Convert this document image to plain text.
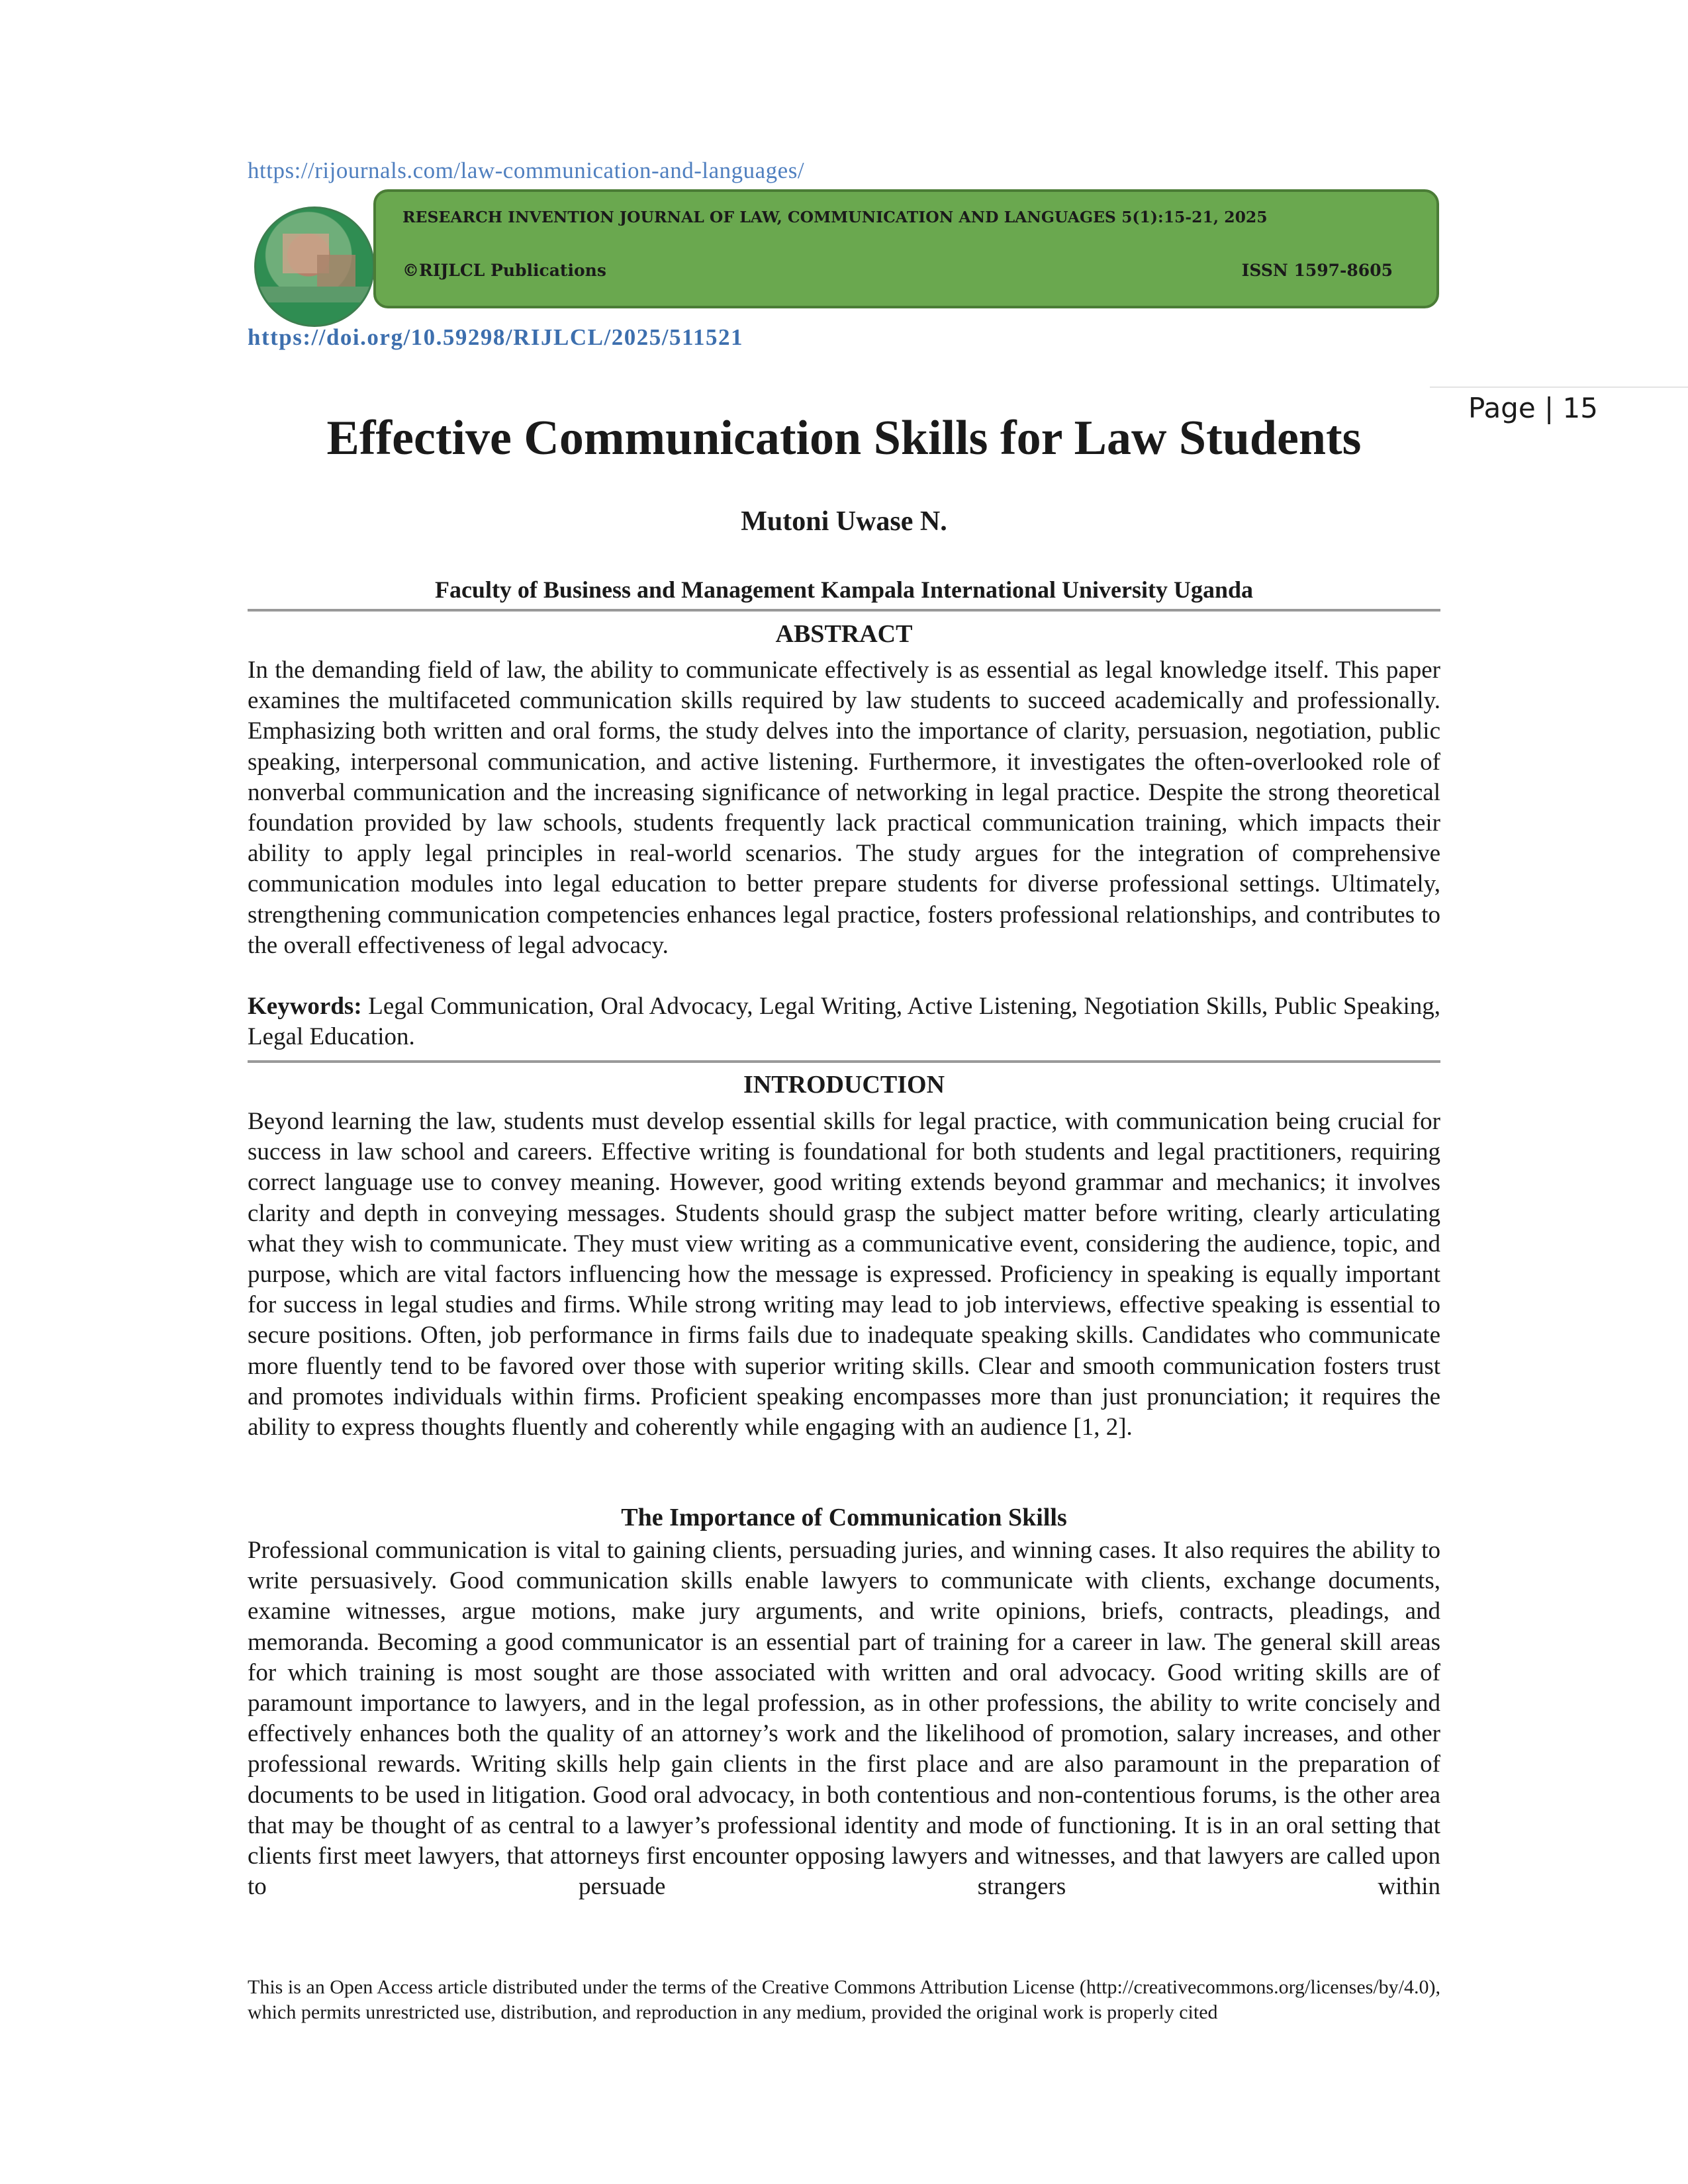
https://rijournals.com/law-communication-and-languages/
RESEARCH INVENTION JOURNAL OF LAW, COMMUNICATION AND LANGUAGES 5(1):15-21, 2025
©RIJLCL Publications	ISSN 1597-8605
https://doi.org/10.59298/RIJLCL/2025/511521
Page | 15
Effective Communication Skills for Law Students
Mutoni Uwase N.
Faculty of Business and Management Kampala International University Uganda
ABSTRACT

In the demanding field of law, the ability to communicate effectively is as essential as legal knowledge itself. This paper examines the multifaceted communication skills required by law students to succeed academically and professionally. Emphasizing both written and oral forms, the study delves into the importance of clarity, persuasion, negotiation, public speaking, interpersonal communication, and active listening. Furthermore, it investigates the often-overlooked role of nonverbal communication and the increasing significance of networking in legal practice. Despite the strong theoretical foundation provided by law schools, students frequently lack practical communication training, which impacts their ability to apply legal principles in real-world scenarios. The study argues for the integration of comprehensive communication modules into legal education to better prepare students for diverse professional settings. Ultimately, strengthening communication competencies enhances legal practice, fosters professional relationships, and contributes to the overall effectiveness of legal advocacy.

Keywords: Legal Communication, Oral Advocacy, Legal Writing, Active Listening, Negotiation Skills, Public Speaking, Legal Education.

INTRODUCTION

Beyond learning the law, students must develop essential skills for legal practice, with communication being crucial for success in law school and careers. Effective writing is foundational for both students and legal practitioners, requiring correct language use to convey meaning. However, good writing extends beyond grammar and mechanics; it involves clarity and depth in conveying messages. Students should grasp the subject matter before writing, clearly articulating what they wish to communicate. They must view writing as a communicative event, considering the audience, topic, and purpose, which are vital factors influencing how the message is expressed. Proficiency in speaking is equally important for success in legal studies and firms. While strong writing may lead to job interviews, effective speaking is essential to secure positions. Often, job performance in firms fails due to inadequate speaking skills. Candidates who communicate more fluently tend to be favored over those with superior writing skills. Clear and smooth communication fosters trust and promotes individuals within firms. Proficient speaking encompasses more than just pronunciation; it requires the ability to express thoughts fluently and coherently while engaging with an audience [1, 2].

The Importance of Communication Skills

Professional communication is vital to gaining clients, persuading juries, and winning cases. It also requires the ability to write persuasively. Good communication skills enable lawyers to communicate with clients, exchange documents, examine witnesses, argue motions, make jury arguments, and write opinions, briefs, contracts, pleadings, and memoranda. Becoming a good communicator is an essential part of training for a career in law. The general skill areas for which training is most sought are those associated with written and oral advocacy. Good writing skills are of paramount importance to lawyers, and in the legal profession, as in other professions, the ability to write concisely and effectively enhances both the quality of an attorney’s work and the likelihood of promotion, salary increases, and other professional rewards. Writing skills help gain clients in the first place and are also paramount in the preparation of documents to be used in litigation. Good oral advocacy, in both contentious and non-contentious forums, is the other area that may be thought of as central to a lawyer’s professional identity and mode of functioning. It is in an oral setting that clients first meet lawyers, that attorneys first encounter opposing lawyers and witnesses, and that lawyers are called upon to persuade strangers within

This is an Open Access article distributed under the terms of the Creative Commons Attribution License (http://creativecommons.org/licenses/by/4.0), which permits unrestricted use, distribution, and reproduction in any medium, provided the original work is properly cited
